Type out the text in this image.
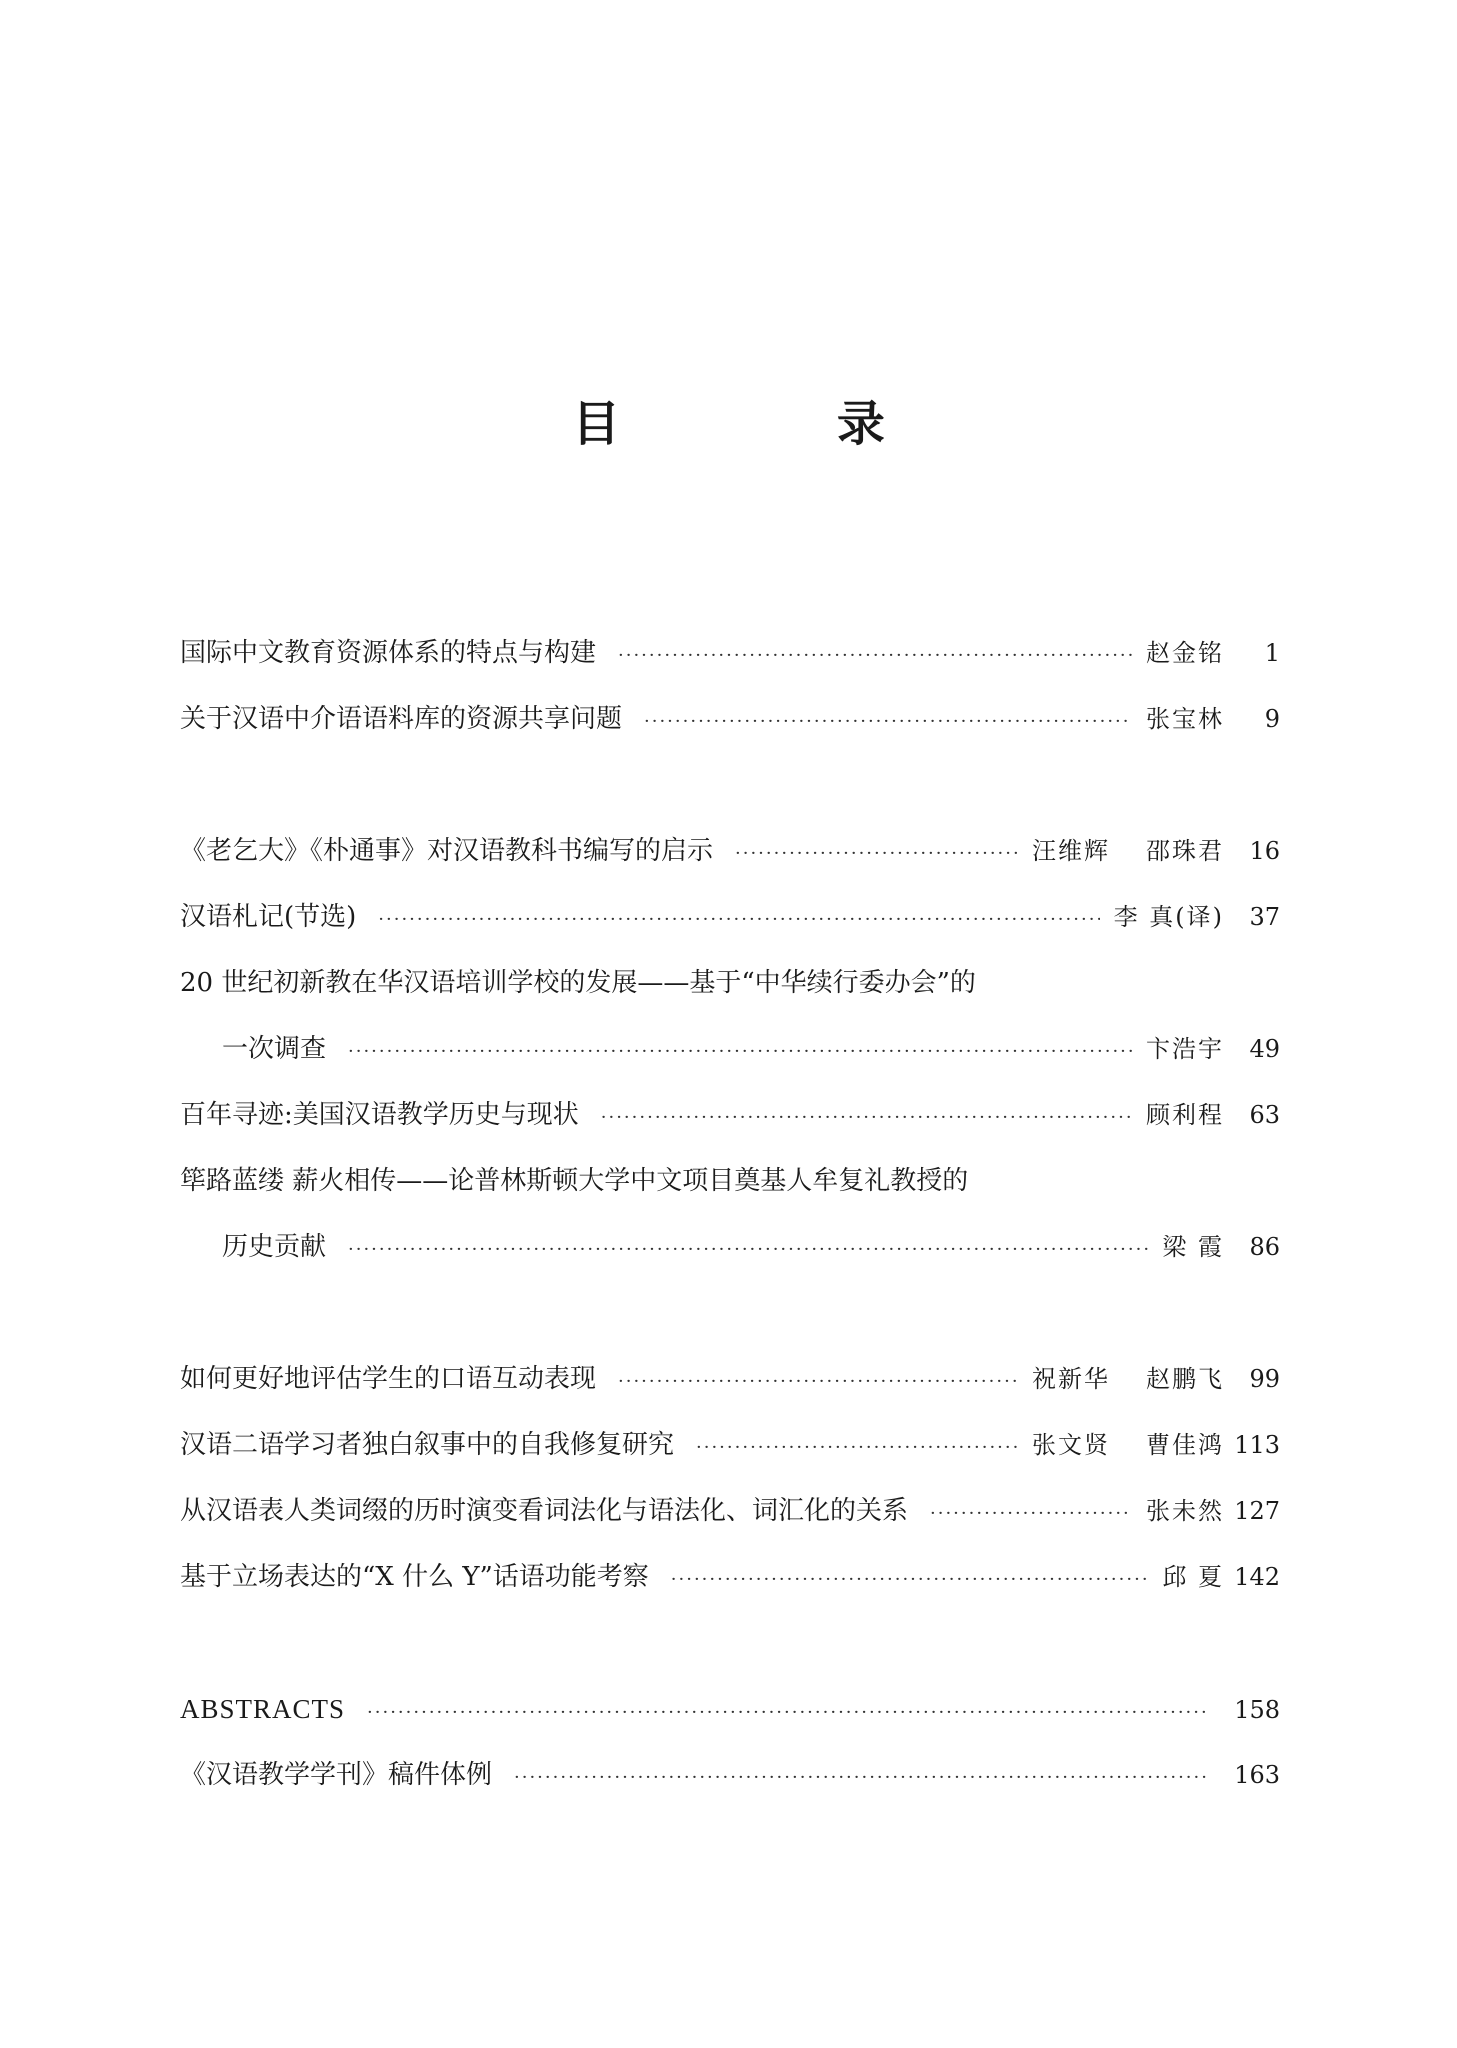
目 录
国际中文教育资源体系的特点与构建 ·····	赵金铭	1
关于汉语中介语语料库的资源共享问题 ·····	张宝林	9
《老乞大》《朴通事》对汉语教科书编写的启示 ·····	汪维辉 邵珠君	16
汉语札记(节选) ·····	李 真(译)	37
20 世纪初新教在华汉语培训学校的发展——基于“中华续行委办会”的
一次调查 ·····	卞浩宇	49
百年寻迹:美国汉语教学历史与现状 ·····	顾利程	63
筚路蓝缕 薪火相传——论普林斯顿大学中文项目奠基人牟复礼教授的
历史贡献 ·····	梁 霞	86
如何更好地评估学生的口语互动表现 ·····	祝新华 赵鹏飞	99
汉语二语学习者独白叙事中的自我修复研究 ·····	张文贤 曹佳鸿 113
从汉语表人类词缀的历时演变看词法化与语法化、词汇化的关系 ·····	张未然 127
基于立场表达的“X 什么 Y”话语功能考察 ·····	邱 夏 142
ABSTRACTS ·····	158
《汉语教学学刊》稿件体例 ·····	163
